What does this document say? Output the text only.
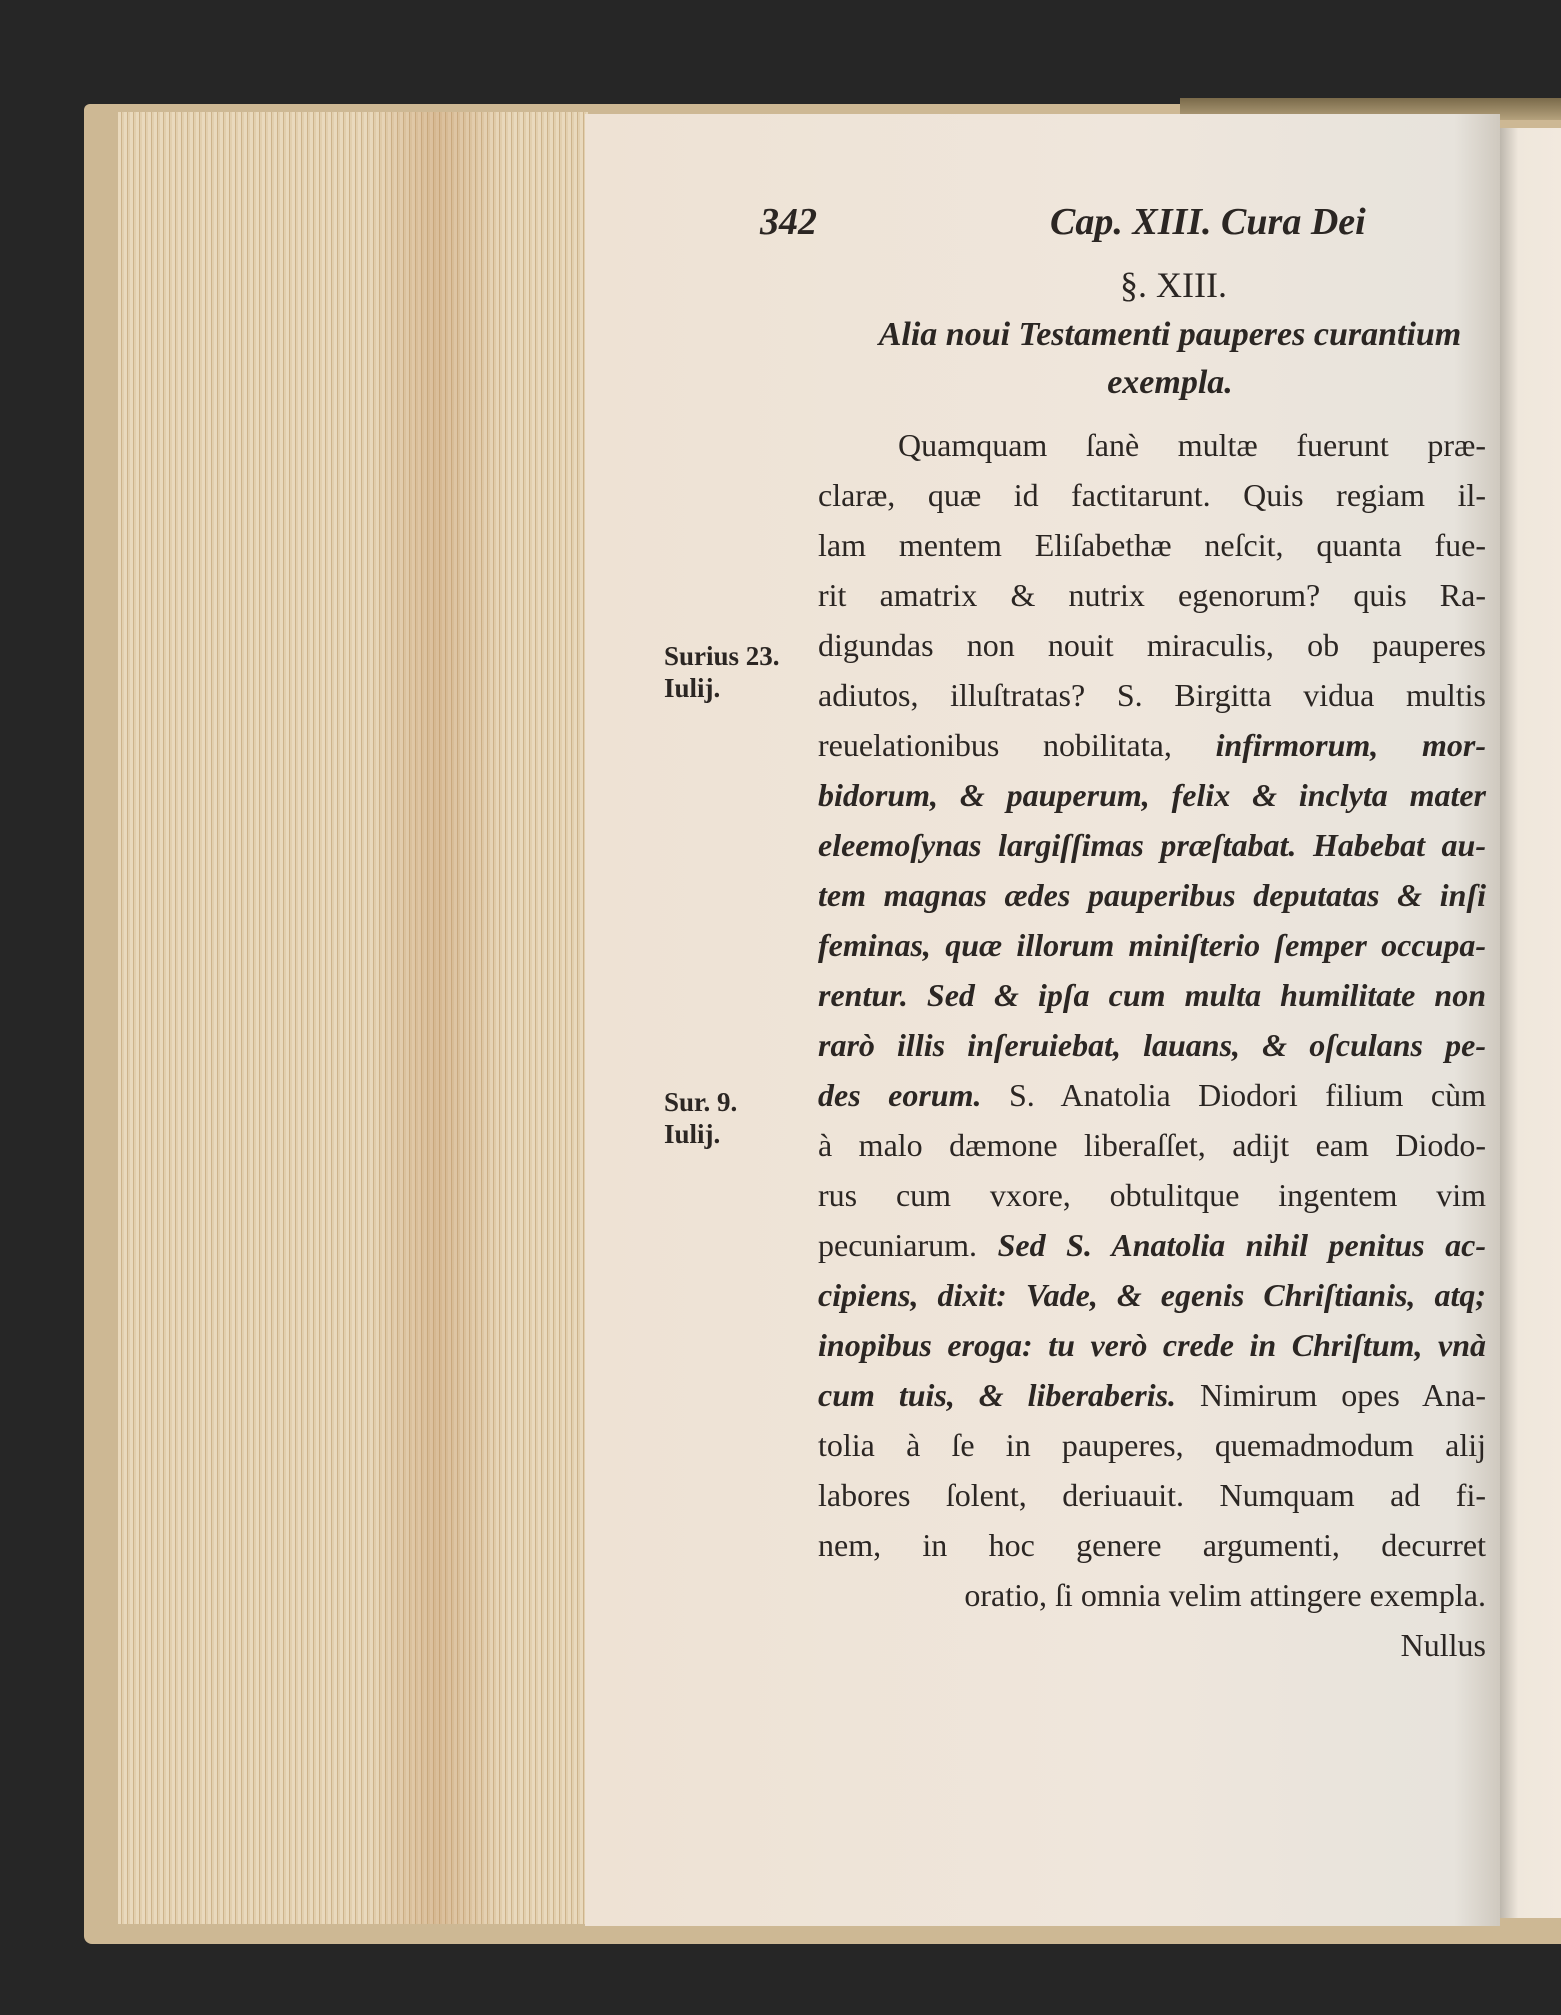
342	Cap. XIII. Cura Dei
§. XIII.
Alia noui Testamenti pauperes curantium
exempla.
Surius 23.
Iulij.
Sur. 9.
Iulij.
Quamquam ſanè multæ fuerunt præ-
claræ, quæ id factitarunt. Quis regiam il-
lam mentem Eliſabethæ neſcit, quanta fue-
rit amatrix & nutrix egenorum? quis Ra-
digundas non nouit miraculis, ob pauperes
adiutos, illuſtratas? S. Birgitta vidua multis
reuelationibus nobilitata, infirmorum, mor-
bidorum, & pauperum, felix & inclyta mater
eleemoſynas largiſſimas præſtabat. Habebat au-
tem magnas ædes pauperibus deputatas & inſi
feminas, quæ illorum miniſterio ſemper occupa-
rentur. Sed & ipſa cum multa humilitate non
rarò illis inſeruiebat, lauans, & oſculans pe-
des eorum. S. Anatolia Diodori filium cùm
à malo dæmone liberaſſet, adijt eam Diodo-
rus cum vxore, obtulitque ingentem vim
pecuniarum. Sed S. Anatolia nihil penitus ac-
cipiens, dixit: Vade, & egenis Chriſtianis, atq;
inopibus eroga: tu verò crede in Chriſtum, vnà
cum tuis, & liberaberis. Nimirum opes Ana-
tolia à ſe in pauperes, quemadmodum alij
labores ſolent, deriuauit. Numquam ad fi-
nem, in hoc genere argumenti, decurret
oratio, ſi omnia velim attingere exempla.
Nullus
